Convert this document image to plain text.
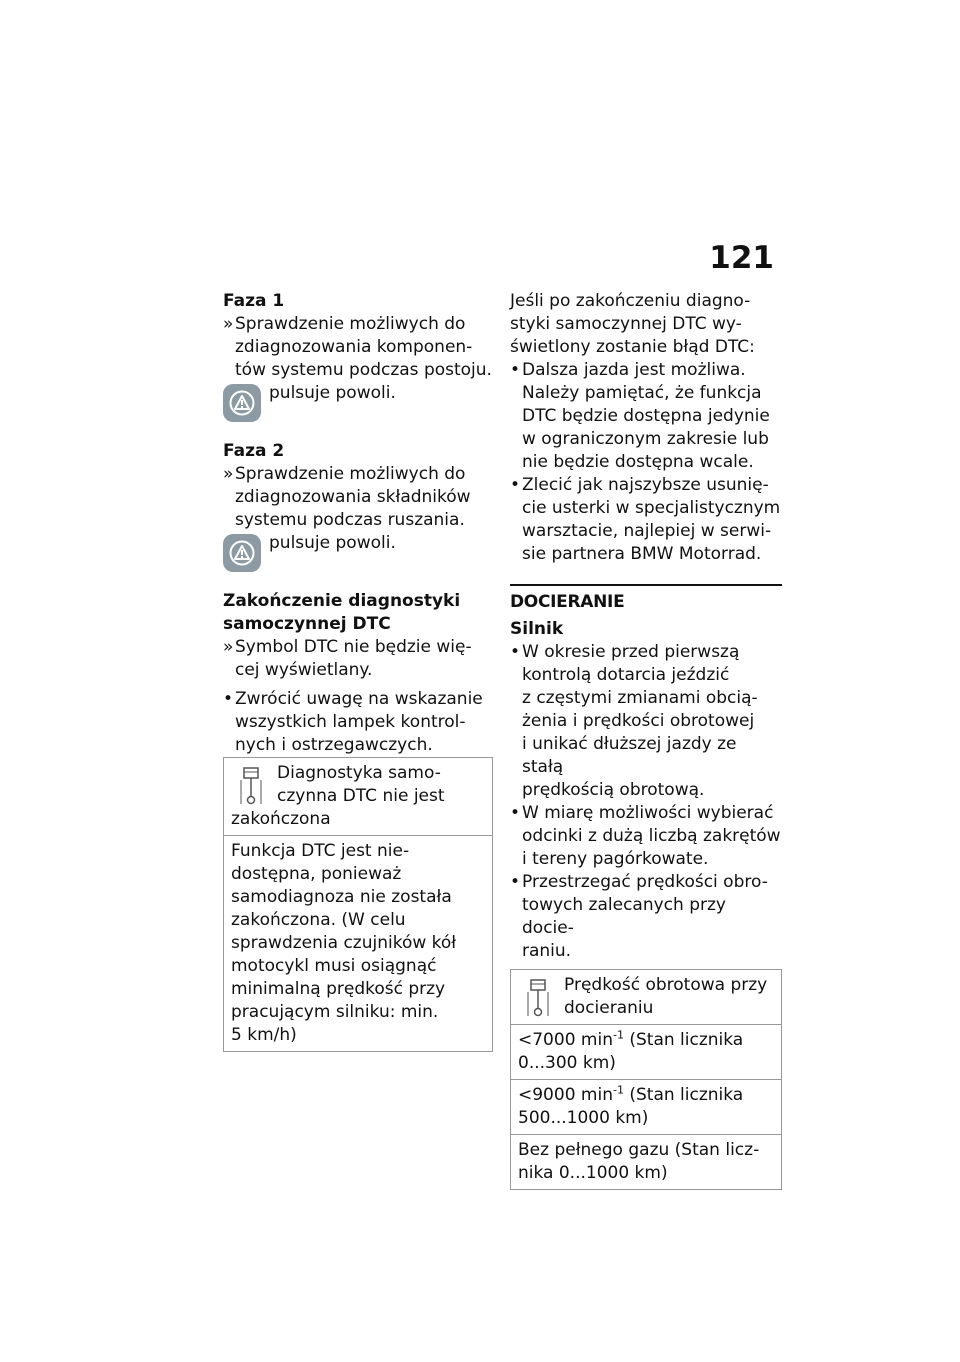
121
Faza 1
» Sprawdzenie możliwych do
zdiagnozowania komponen-
tów systemu podczas postoju.
pulsuje powoli.
Faza 2
» Sprawdzenie możliwych do
zdiagnozowania składników
systemu podczas ruszania.
pulsuje powoli.
Zakończenie diagnostyki
samoczynnej DTC
» Symbol DTC nie będzie wię-
cej wyświetlany.
• Zwrócić uwagę na wskazanie
wszystkich lampek kontrol-
nych i ostrzegawczych.
Diagnostyka samo-
czynna DTC nie jest
zakończona

Funkcja DTC jest nie-
dostępna, ponieważ
samodiagnoza nie została
zakończona. (W celu
sprawdzenia czujników kół
motocykl musi osiągnąć
minimalną prędkość przy
pracującym silniku: min.
5 km/h)
Jeśli po zakończeniu diagno-
styki samoczynnej DTC wy-
świetlony zostanie błąd DTC:
• Dalsza jazda jest możliwa.
Należy pamiętać, że funkcja
DTC będzie dostępna jedynie
w ograniczonym zakresie lub
nie będzie dostępna wcale.
• Zlecić jak najszybsze usunię-
cie usterki w specjalistycznym
warsztacie, najlepiej w serwi-
sie partnera BMW Motorrad.
DOCIERANIE
Silnik
• W okresie przed pierwszą
kontrolą dotarcia jeździć
z częstymi zmianami obcią-
żenia i prędkości obrotowej
i unikać dłuższej jazdy ze stałą
prędkością obrotową.
• W miarę możliwości wybierać
odcinki z dużą liczbą zakrętów
i tereny pagórkowate.
• Przestrzegać prędkości obro-
towych zalecanych przy docie-
raniu.
Prędkość obrotowa przy
docieraniu

<7000 $\min^{-1} (Stan$ licznika
0...300 km)

<9000 $\min^{-1} (Stan$ licznika
500...1000 km)

Bez pełnego gazu (Stan licz-
nika 0...1000 km)
